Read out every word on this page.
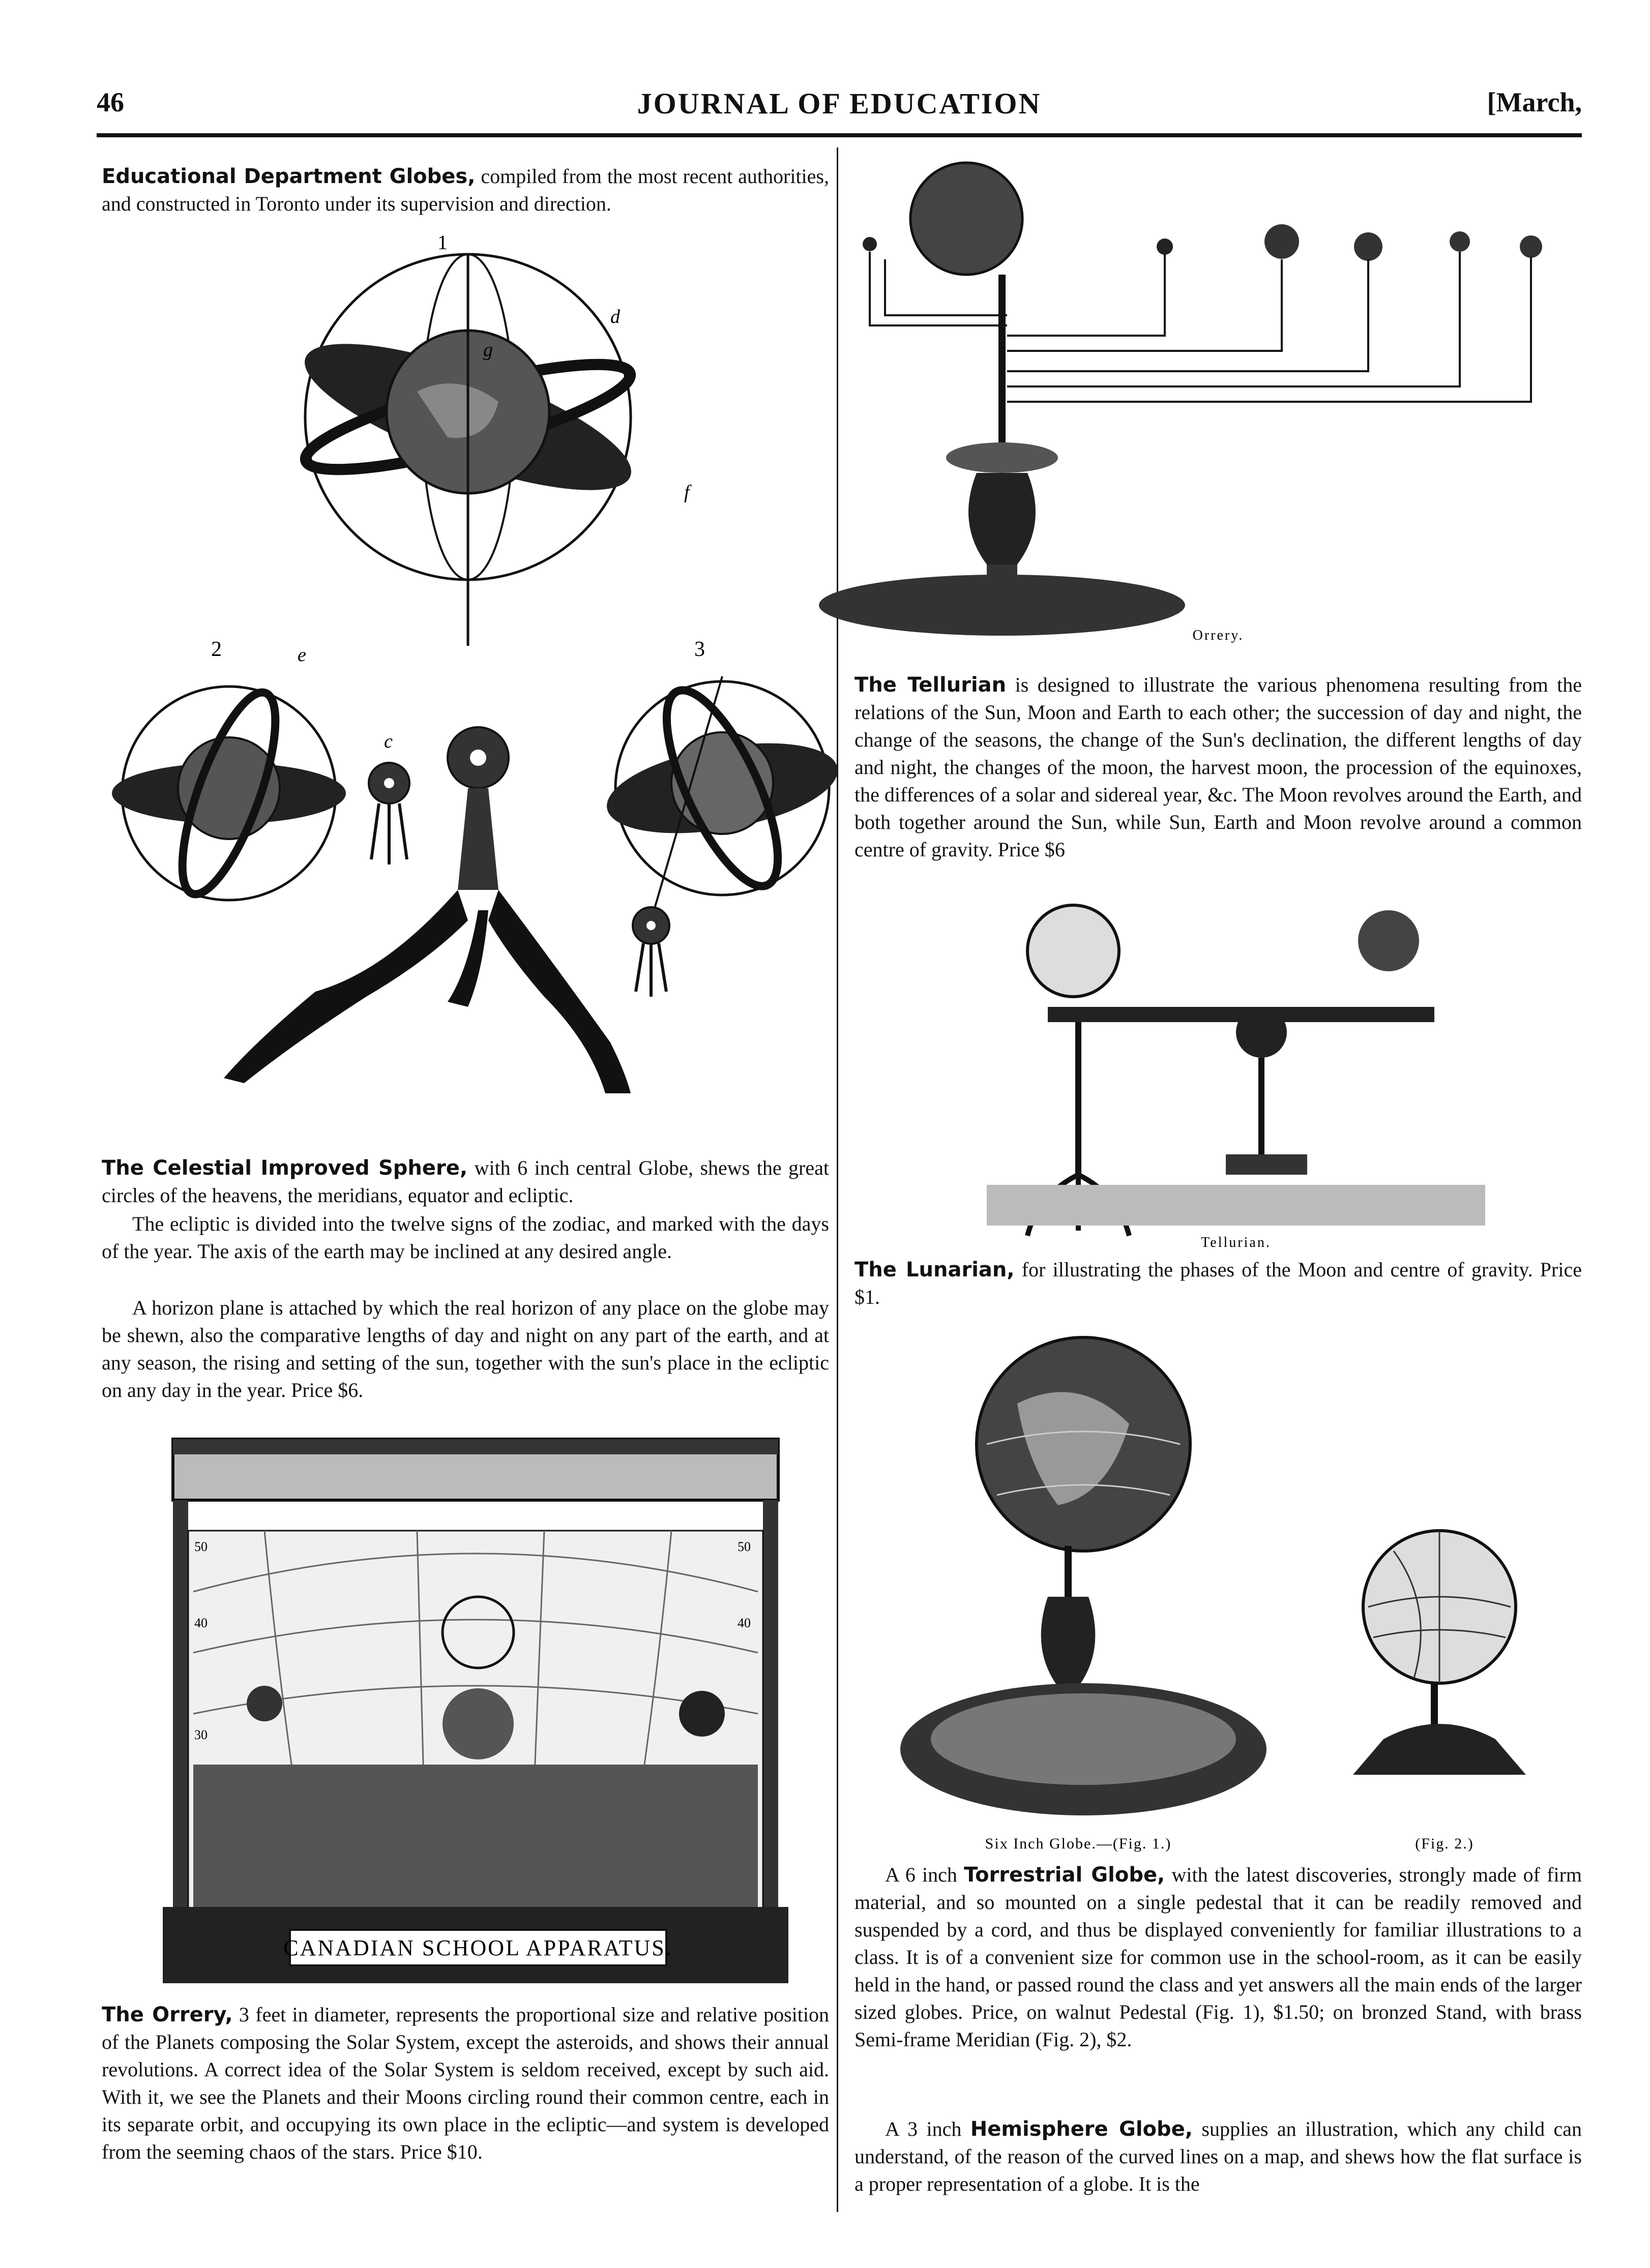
46	JOURNAL OF EDUCATION	[March,

Educational Department Globes, compiled from the most recent authorities, and constructed in Toronto under its supervision and direction.

1
2	3
d
g
f
e
c

The Celestial Improved Sphere, with 6 inch central Globe, shews the great circles of the heavens, the meridians, equator and ecliptic.

The ecliptic is divided into the twelve signs of the zodiac, and marked with the days of the year. The axis of the earth may be inclined at any desired angle.

A horizon plane is attached by which the real horizon of any place on the globe may be shewn, also the comparative lengths of day and night on any part of the earth, and at any season, the rising and setting of the sun, together with the sun's place in the ecliptic on any day in the year. Price $6.

CANADIAN SCHOOL APPARATUS.
50	50
40	40
30

The Orrery, 3 feet in diameter, represents the proportional size and relative position of the Planets composing the Solar System, except the asteroids, and shows their annual revolutions. A correct idea of the Solar System is seldom received, except by such aid. With it, we see the Planets and their Moons circling round their common centre, each in its separate orbit, and occupying its own place in the ecliptic—and system is developed from the seeming chaos of the stars. Price $10.

Orrery.

The Tellurian is designed to illustrate the various phenomena resulting from the relations of the Sun, Moon and Earth to each other; the succession of day and night, the change of the seasons, the change of the Sun's declination, the different lengths of day and night, the changes of the moon, the harvest moon, the procession of the equinoxes, the differences of a solar and sidereal year, &c. The Moon revolves around the Earth, and both together around the Sun, while Sun, Earth and Moon revolve around a common centre of gravity. Price $6

Tellurian.

The Lunarian, for illustrating the phases of the Moon and centre of gravity. Price $1.

Six Inch Globe.—(Fig. 1.)	(Fig. 2.)

A 6 inch Torrestrial Globe, with the latest discoveries, strongly made of firm material, and so mounted on a single pedestal that it can be readily removed and suspended by a cord, and thus be displayed conveniently for familiar illustrations to a class. It is of a convenient size for common use in the school-room, as it can be easily held in the hand, or passed round the class and yet answers all the main ends of the larger sized globes. Price, on walnut Pedestal (Fig. 1), $1.50; on bronzed Stand, with brass Semi-frame Meridian (Fig. 2), $2.

A 3 inch Hemisphere Globe, supplies an illustration, which any child can understand, of the reason of the curved lines on a map, and shews how the flat surface is a proper representation of a globe. It is the
